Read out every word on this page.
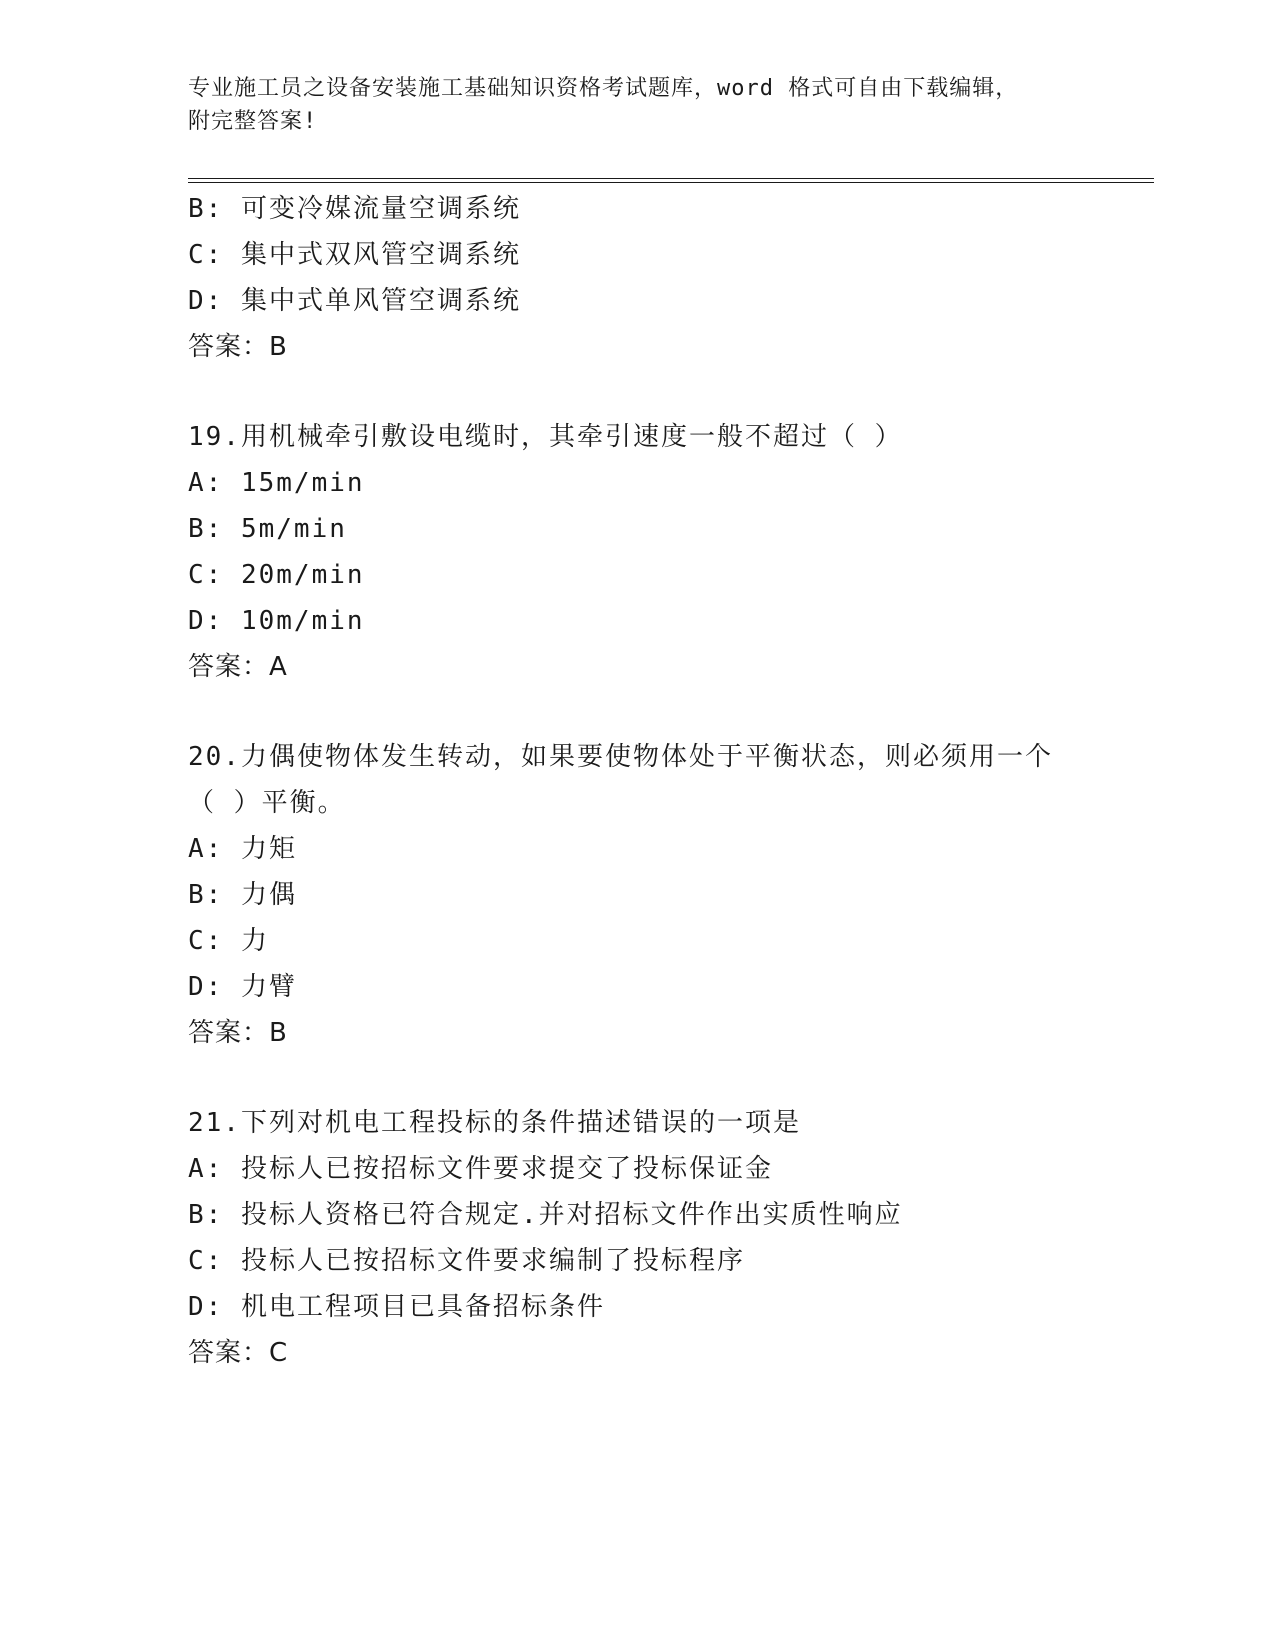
专业施工员之设备安装施工基础知识资格考试题库，word 格式可自由下载编辑，
附完整答案!
B: 可变冷媒流量空调系统
C: 集中式双风管空调系统
D: 集中式单风管空调系统
答案：B
19.用机械牵引敷设电缆时，其牵引速度一般不超过（ ）
A: 15m/min
B: 5m/min
C: 20m/min
D: 10m/min
答案：A
20.力偶使物体发生转动，如果要使物体处于平衡状态，则必须用一个
（ ）平衡。
A: 力矩
B: 力偶
C: 力
D: 力臂
答案：B
21.下列对机电工程投标的条件描述错误的一项是
A: 投标人已按招标文件要求提交了投标保证金
B: 投标人资格已符合规定.并对招标文件作出实质性响应
C: 投标人已按招标文件要求编制了投标程序
D: 机电工程项目已具备招标条件
答案：C
